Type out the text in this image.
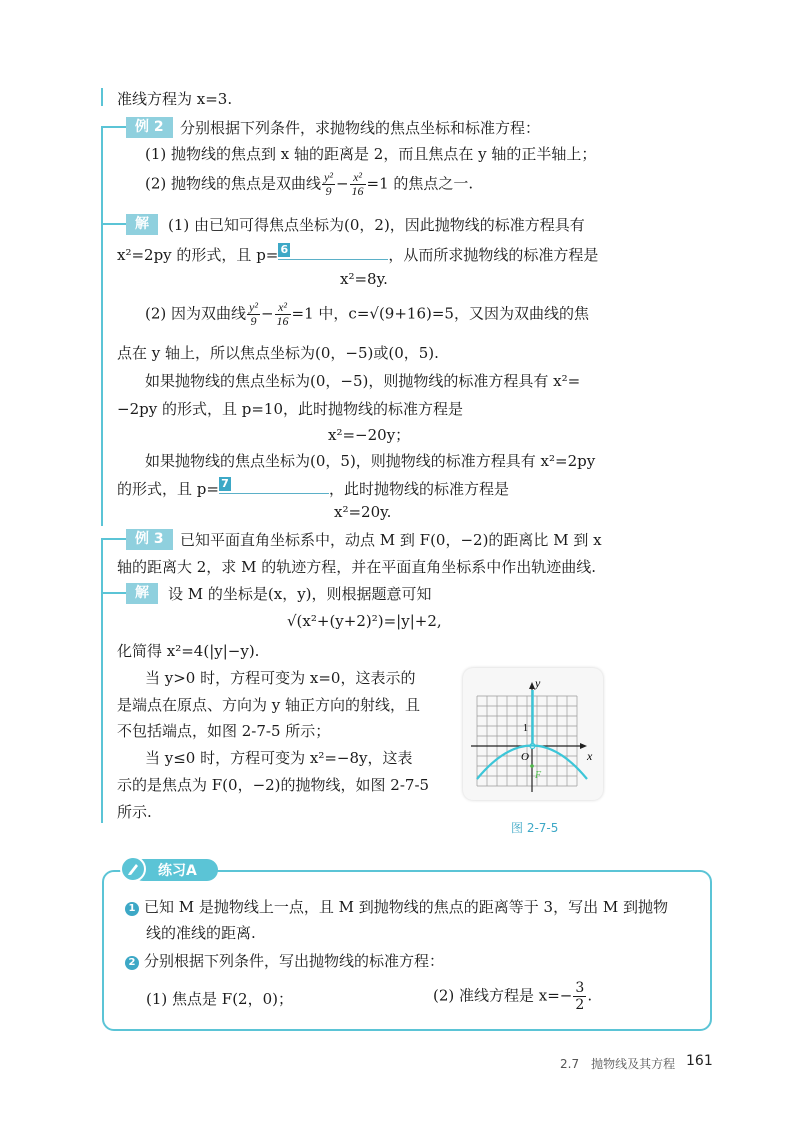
准线方程为 x=3.
例 2	分别根据下列条件，求抛物线的焦点坐标和标准方程：
(1) 抛物线的焦点到 x 轴的距离是 2，而且焦点在 y 轴的正半轴上；
(2) 抛物线的焦点是双曲线 $\frac{\text{y²}}{9} - \frac{\text{x²}}{16} =1$ 的焦点之一.
解	(1) 由已知可得焦点坐标为(0，2)，因此抛物线的标准方程具有
x²=2py 的形式，且 p= 6	，从而所求抛物线的标准方程是
x²=8y.
(2) 因为双曲线 $\frac{\text{y²}}{9} - \frac{\text{x²}}{16} =1$ 中，c=√(9+16)=5，又因为双曲线的焦
点在 y 轴上，所以焦点坐标为(0，−5)或(0，5).
如果抛物线的焦点坐标为(0，−5)，则抛物线的标准方程具有 x²=
−2py 的形式，且 p=10，此时抛物线的标准方程是
x²=−20y；
如果抛物线的焦点坐标为(0，5)，则抛物线的标准方程具有 x²=2py
的形式，且 p= 7	，此时抛物线的标准方程是
x²=20y.
例 3	已知平面直角坐标系中，动点 M 到 F(0，−2)的距离比 M 到 x
轴的距离大 2，求 M 的轨迹方程，并在平面直角坐标系中作出轨迹曲线.
解	设 M 的坐标是(x，y)，则根据题意可知
√(x²+(y+2)²)=|y|+2,
化简得 x²=4(|y|−y).
当 y>0 时，方程可变为 x=0，这表示的
是端点在原点、方向为 y 轴正方向的射线，且
不包括端点，如图 2-7-5 所示；
当 y≤0 时，方程可变为 x²=−8y，这表
示的是焦点为 F(0，−2)的抛物线，如图 2-7-5
所示.
y
x
O
1
F
图 2-7-5
练习A
1 已知 M 是抛物线上一点，且 M 到抛物线的焦点的距离等于 3，写出 M 到抛物
线的准线的距离.
2 分别根据下列条件，写出抛物线的标准方程：
(1) 焦点是 F(2，0)；	(2) 准线方程是 $x=- \frac{3}{2}$ .
2.7　抛物线及其方程 161
